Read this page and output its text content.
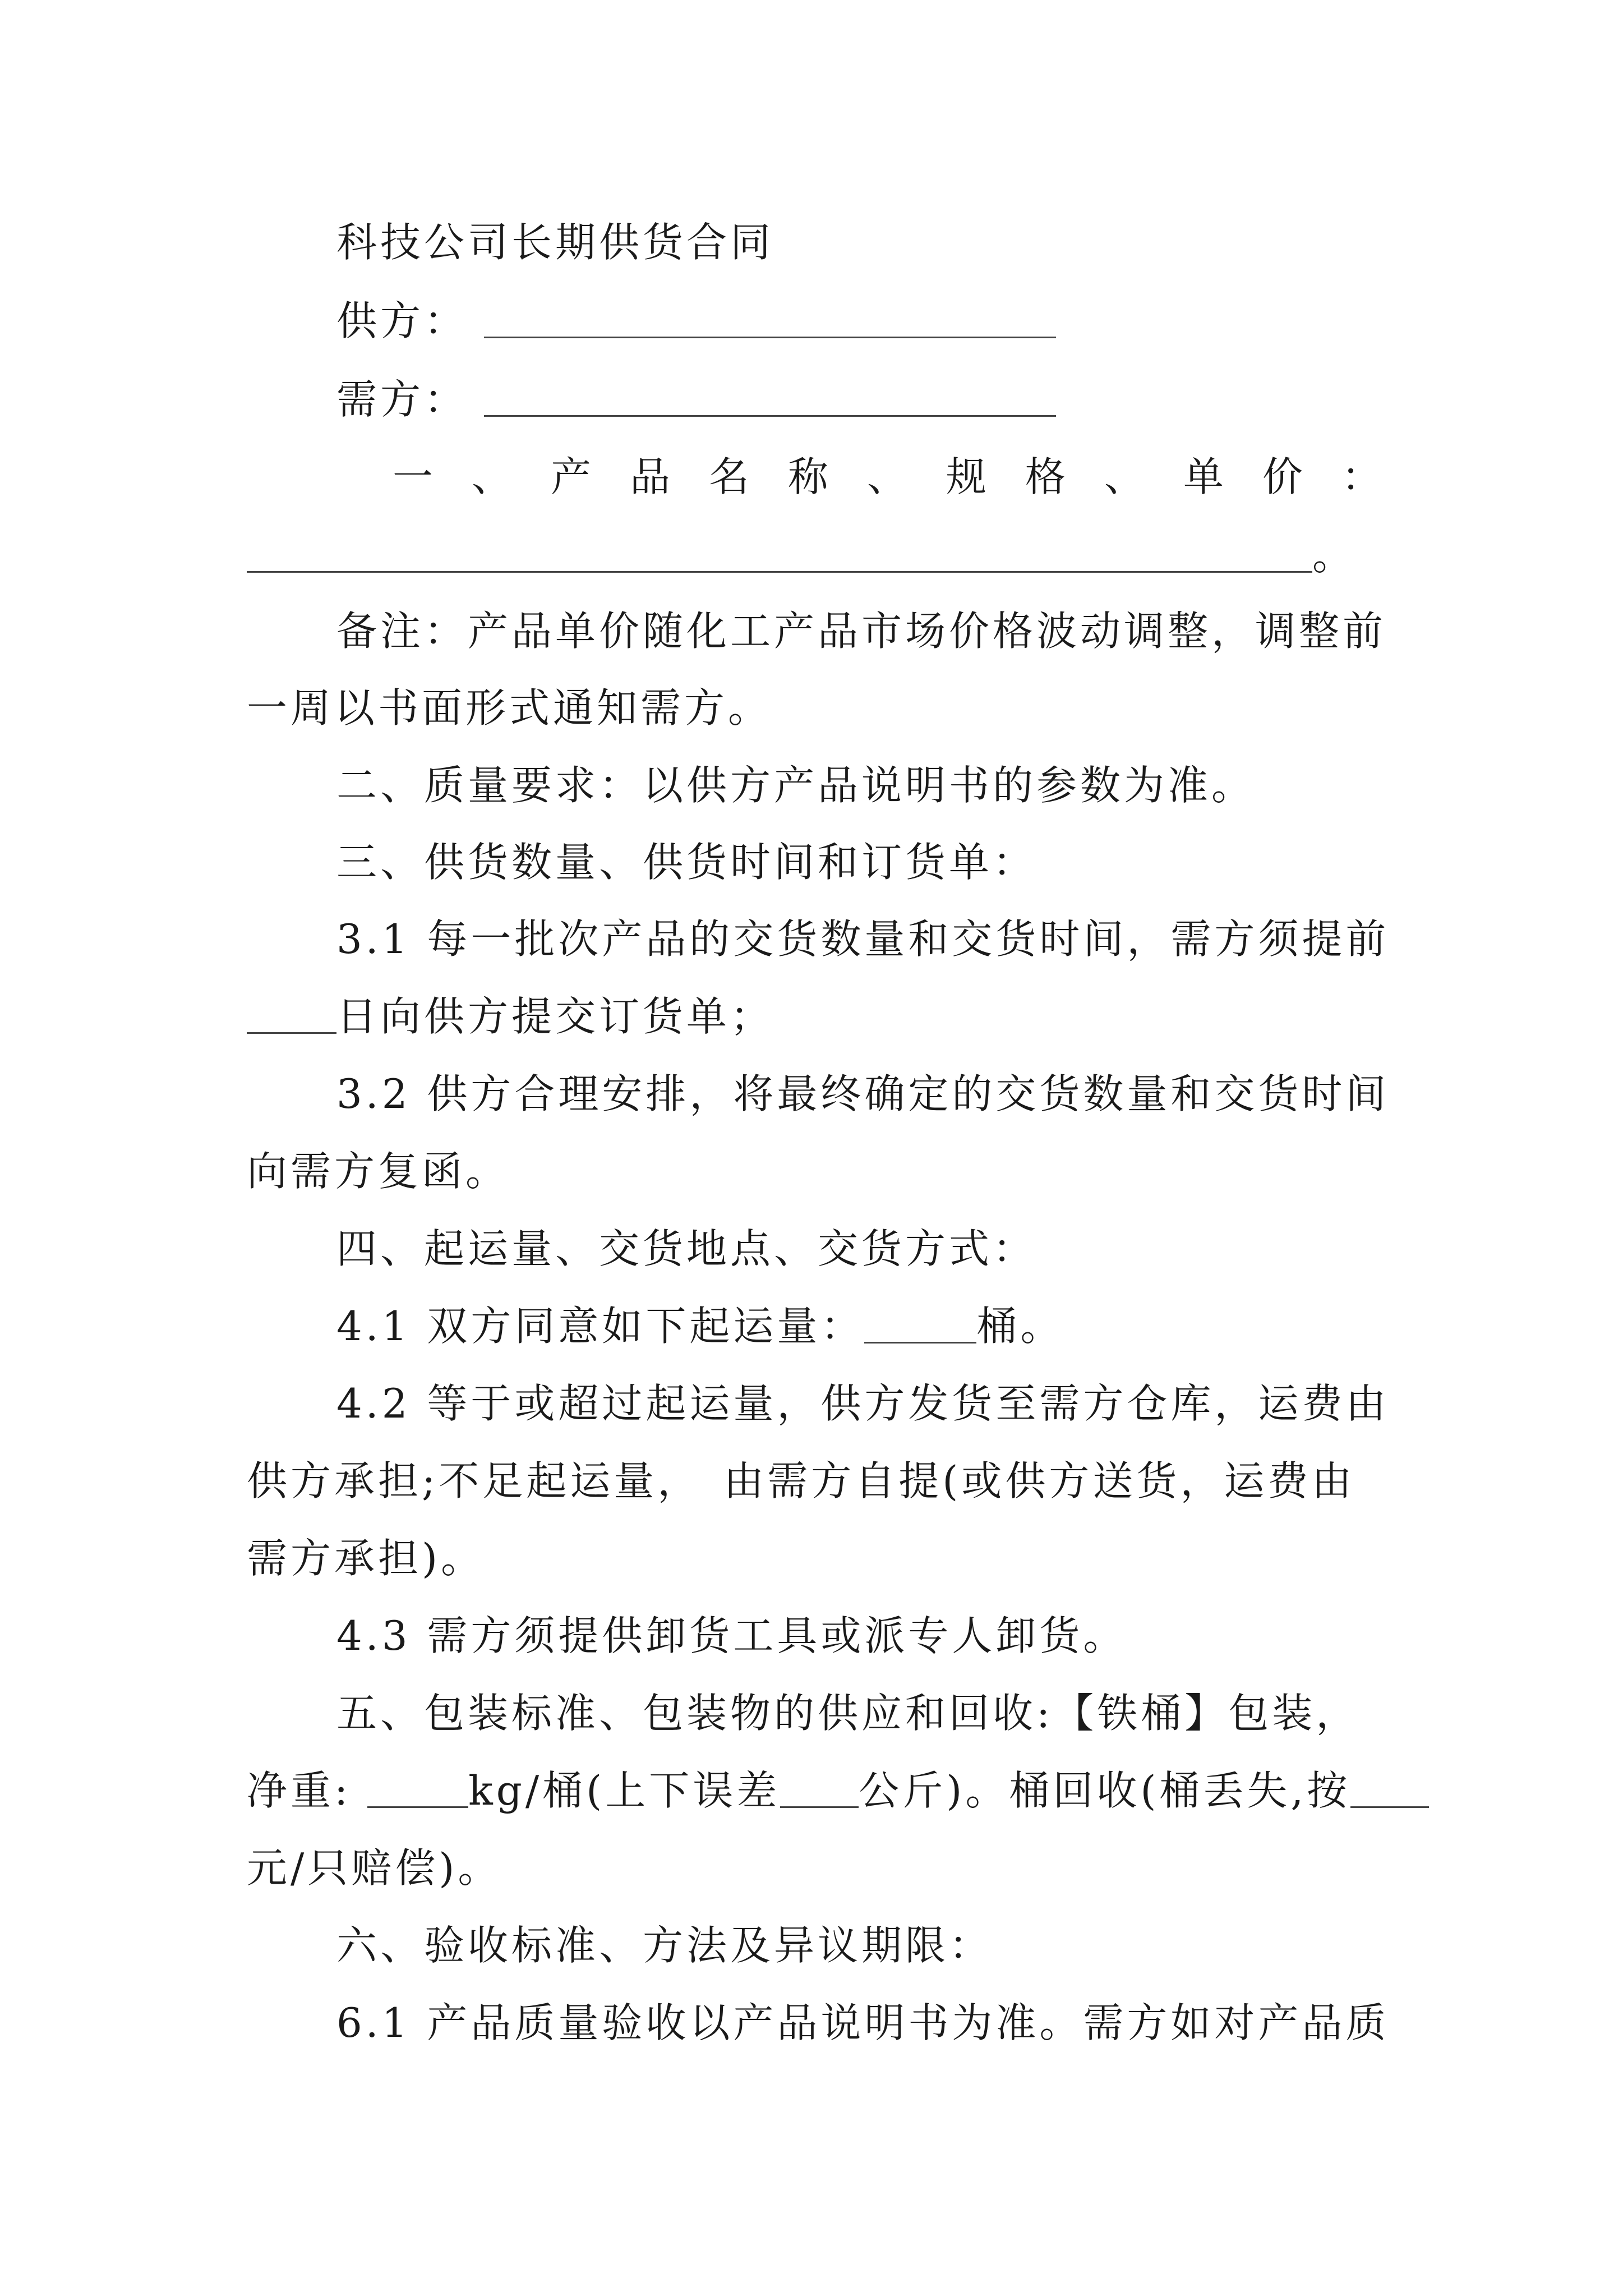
科技公司长期供货合同
供方：
需方：
一 、 产 品 名 称 、 规 格 、 单 价 ：
。
备注：产品单价随化工产品市场价格波动调整，调整前
一周以书面形式通知需方。
二、质量要求：以供方产品说明书的参数为准。
三、供货数量、供货时间和订货单：
3.1 每一批次产品的交货数量和交货时间，需方须提前
日向供方提交订货单；
3.2 供方合理安排，将最终确定的交货数量和交货时间
向需方复函。
四、起运量、交货地点、交货方式：
4.1 双方同意如下起运量：	桶。
4.2 等于或超过起运量，供方发货至需方仓库，运费由
供方承担;不足起运量， 由需方自提(或供方送货，运费由
需方承担)。
4.3 需方须提供卸货工具或派专人卸货。
五、包装标准、包装物的供应和回收:【铁桶】包装，
净重:	kg/桶(上下误差 公斤)。桶回收(桶丢失,按
元/只赔偿)。
六、验收标准、方法及异议期限：
6.1 产品质量验收以产品说明书为准。需方如对产品质
